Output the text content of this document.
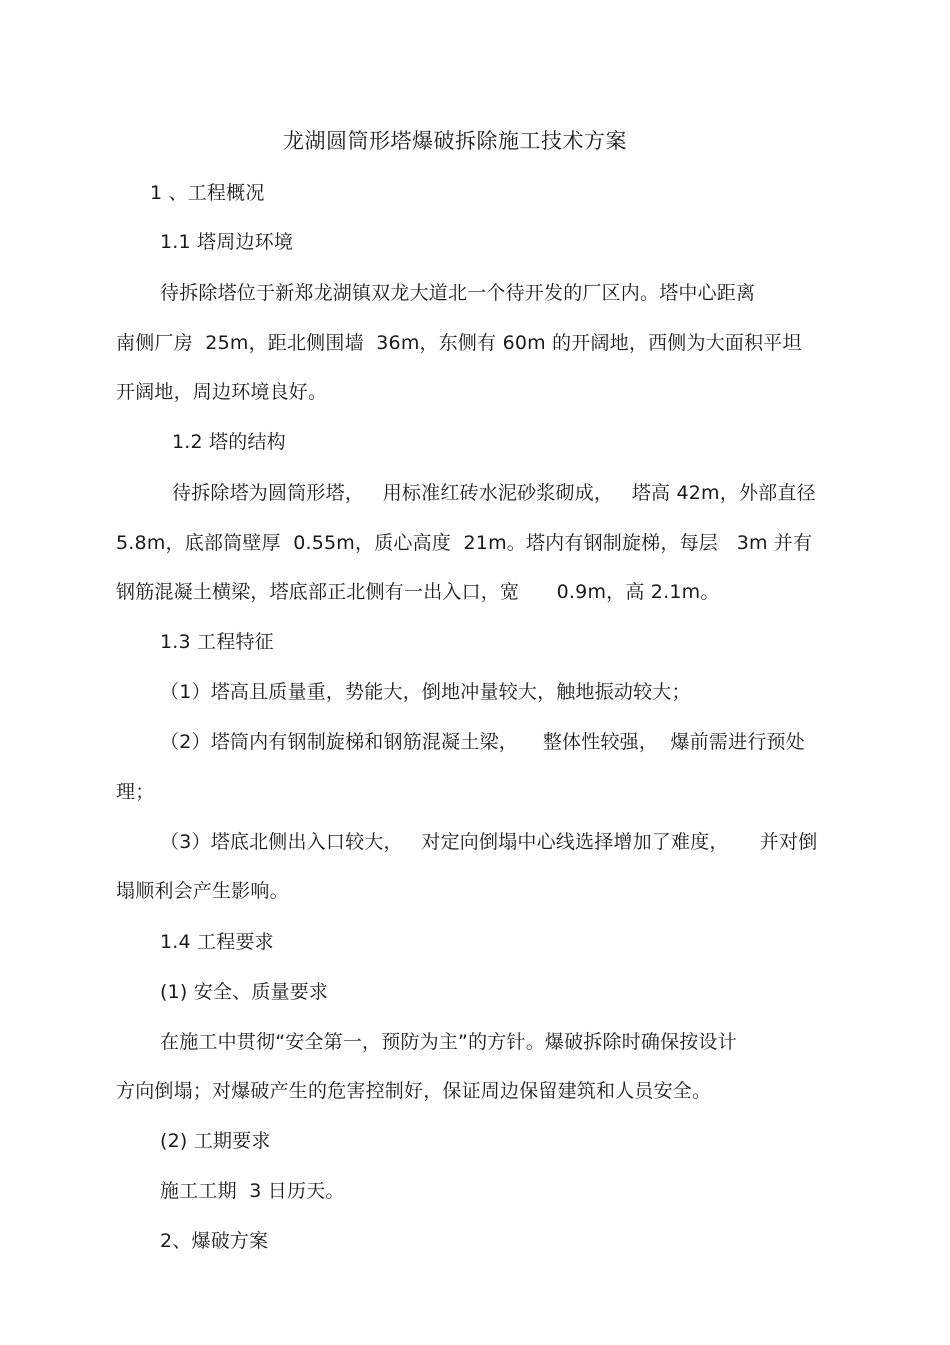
龙湖圆筒形塔爆破拆除施工技术方案
1 、工程概况
1.1 塔周边环境
待拆除塔位于新郑龙湖镇双龙大道北一个待开发的厂区内。塔中心距离
南侧厂房  25m，距北侧围墙  36m，东侧有 60m 的开阔地，西侧为大面积平坦
开阔地，周边环境良好。
1.2 塔的结构
待拆除塔为圆筒形塔，   用标准红砖水泥砂浆砌成，   塔高 42m，外部直径
5.8m，底部筒壁厚  0.55m，质心高度  21m。塔内有钢制旋梯，每层   3m 并有
钢筋混凝土横梁，塔底部正北侧有一出入口，宽      0.9m，高 2.1m。
1.3 工程特征
（1）塔高且质量重，势能大，倒地冲量较大，触地振动较大；
（2）塔筒内有钢制旋梯和钢筋混凝土梁，    整体性较强，  爆前需进行预处
理；
（3）塔底北侧出入口较大，   对定向倒塌中心线选择增加了难度，     并对倒
塌顺利会产生影响。
1.4 工程要求
(1) 安全、质量要求
在施工中贯彻“安全第一，预防为主”的方针。爆破拆除时确保按设计
方向倒塌；对爆破产生的危害控制好，保证周边保留建筑和人员安全。
(2) 工期要求
施工工期  3 日历天。
2、爆破方案
